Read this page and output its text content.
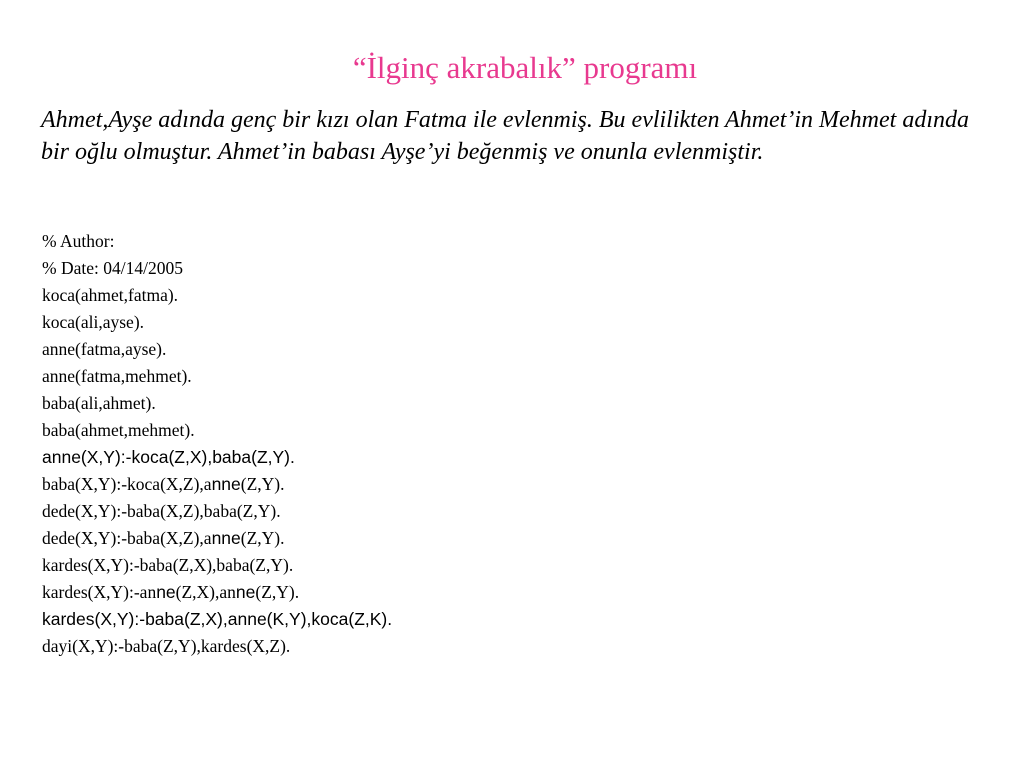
“İlginç akrabalık” programı
Ahmet,Ayşe adında genç bir kızı olan Fatma ile evlenmiş. Bu evlilikten Ahmet’in Mehmet adında bir oğlu olmuştur. Ahmet’in babası Ayşe’yi beğenmiş ve onunla evlenmiştir.
% Author:
% Date: 04/14/2005
koca(ahmet,fatma).
koca(ali,ayse).
anne(fatma,ayse).
anne(fatma,mehmet).
baba(ali,ahmet).
baba(ahmet,mehmet).
anne(X,Y):-koca(Z,X),baba(Z,Y).
baba(X,Y):-koca(X,Z),anne(Z,Y).
dede(X,Y):-baba(X,Z),baba(Z,Y).
dede(X,Y):-baba(X,Z),anne(Z,Y).
kardes(X,Y):-baba(Z,X),baba(Z,Y).
kardes(X,Y):-anne(Z,X),anne(Z,Y).
kardes(X,Y):-baba(Z,X),anne(K,Y),koca(Z,K).
dayi(X,Y):-baba(Z,Y),kardes(X,Z).
